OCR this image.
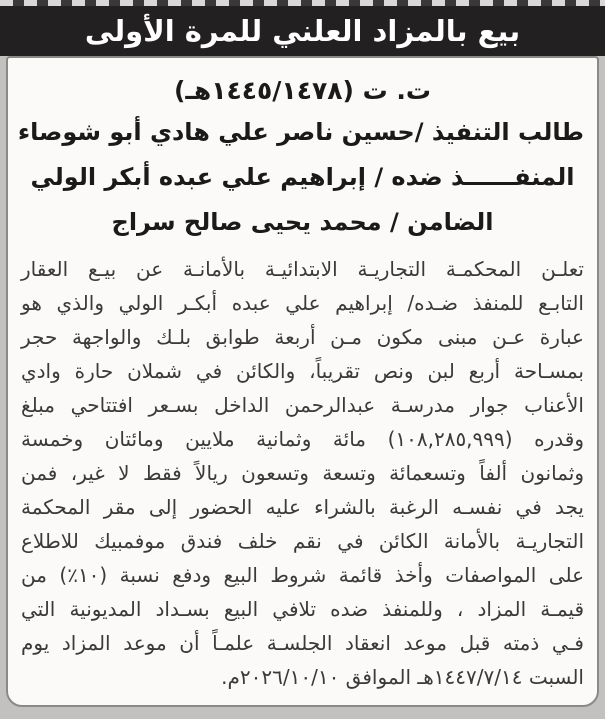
بيع بالمزاد العلني للمرة الأولى
ت. ت (١٤٤٥/١٤٧٨هـ)
طالب التنفيذ /حسين ناصر علي هادي أبو شوصاء
المنفــــــذ ضده / إبراهيم علي عبده أبكر الولي
الضامن / محمد يحيى صالح سراج
تعلـن المحكمـة التجاريـة الابتدائيـة بالأمانـة عن بيـع العقار
التابـع للمنفذ ضـده/ إبراهيم علي عبده أبكـر الولي والذي هو
عبارة عـن مبنى مكون مـن أربعة طوابق بلـك والواجهة حجر
بمسـاحة أربع لبن ونص تقريباً، والكائن في شملان حارة وادي
الأعناب جوار مدرسـة عبدالرحمن الداخل بسـعر افتتاحي مبلغ
وقدره (١٠٨,٢٨٥,٩٩٩) مائة وثمانية ملايين ومائتان وخمسة
وثمانون ألفاً وتسعمائة وتسعة وتسعون ريالاً فقط لا غير، فمن
يجد في نفسـه الرغبة بالشراء عليه الحضور إلى مقر المحكمة
التجاريـة بالأمانة الكائن في نقم خلف فندق موفمبيك للاطلاع
على المواصفات وأخذ قائمة شروط البيع ودفع نسبة (١٠٪) من
قيمـة المزاد ، وللمنفذ ضده تلافي البيع بسـداد المديونية التي
فـي ذمته قبل موعد انعقاد الجلسـة علمـاً أن موعد المزاد يوم
السبت ١٤٤٧/٧/١٤هـ الموافق ٢٠٢٦/١٠/١٠م.
